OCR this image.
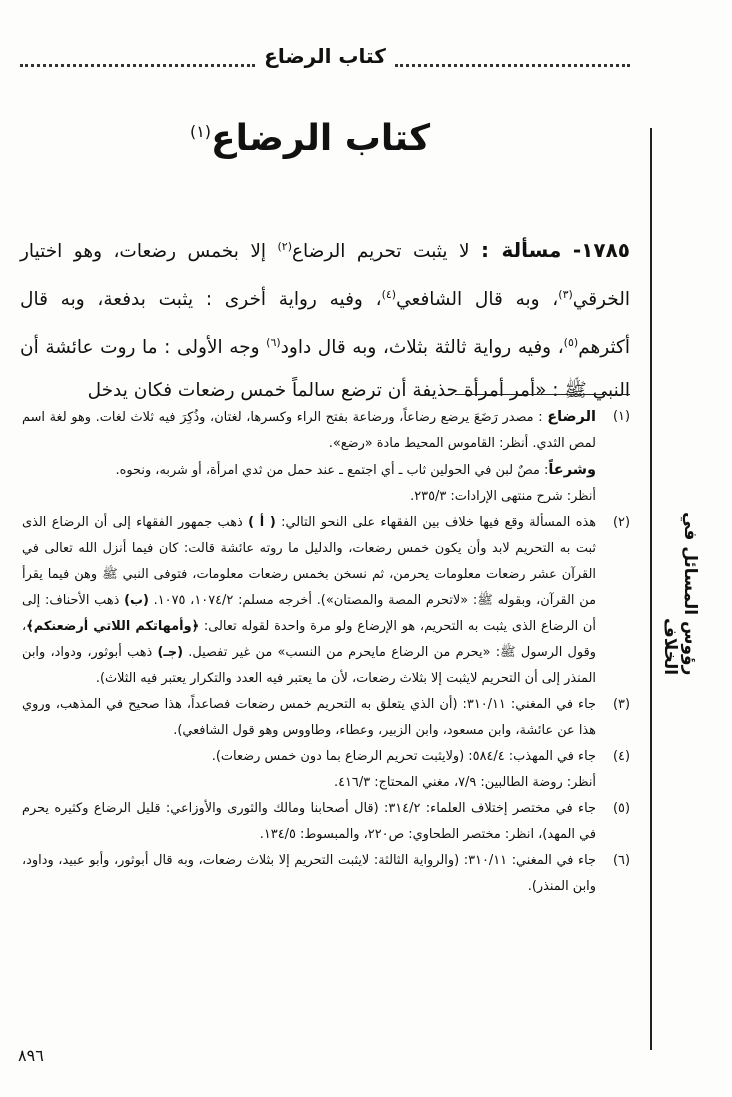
كتاب الرضاع
رؤوس المسائل في الخلاف
كتاب الرضاع$^{(١)}$
١٧٨٥- مسألة : لا يثبت تحريم الرضاع$^{(٢)}$ إلا بخمس رضعات، وهو اختيار الخرقي$^{(٣)}$، وبه قال الشافعي$^{(٤)}$، وفيه رواية أخرى : يثبت بدفعة، وبه قال أكثرهم$^{(٥)}$، وفيه رواية ثالثة بثلاث، وبه قال داود$^{(٦)}$ وجه الأولى : ما روت عائشة أن النبي ﷺ : «أمر أمرأة حذيفة أن ترضع سالماً خمس رضعات فكان يدخل
(١)

الرضاع : مصدر رَضَعَ يرضع رضاعاً، ورضاعة بفتح الراء وكسرها، لغتان، وذُكِرَ فيه ثلاث لغات. وهو لغة اسم لمص الثدي. أنظر: القاموس المحيط مادة «رضع».

وشرعاً: مصٌ لبن في الحولين ثاب ـ أي اجتمع ـ عند حمل من ثدي امرأة، أو شربه، ونحوه.

أنظر: شرح منتهى الإرادات: ٢٣٥/٣.

(٢)

هذه المسألة وقع فيها خلاف بين الفقهاء على النحو التالي: ( أ ) ذهب جمهور الفقهاء إلى أن الرضاع الذى ثبت به التحريم لابد وأن يكون خمس رضعات، والدليل ما روته عائشة قالت: كان فيما أنزل الله تعالى في القرآن عشر رضعات معلومات يحرمن، ثم نسخن بخمس رضعات معلومات، فتوفى النبي ﷺ وهن فيما يقرأ من القرآن، وبقوله ﷺ: «لاتحرم المصة والمصتان»). أخرجه مسلم: ١٠٧٤/٢، ١٠٧٥. (ب) ذهب الأحناف: إلى أن الرضاع الذى يثبت به التحريم، هو الإرضاع ولو مرة واحدة لقوله تعالى: ﴿وأمهاتكم اللاتي أرضعنكم﴾، وقول الرسول ﷺ: «يحرم من الرضاع مايحرم من النسب» من غير تفصيل. (جـ) ذهب أبوثور، ودواد، وابن المنذر إلى أن التحريم لايثبت إلا بثلاث رضعات، لأن ما يعتبر فيه العدد والتكرار يعتبر فيه الثلاث).

(٣)

جاء في المغني: ٣١٠/١١: (أن الذي يتعلق به التحريم خمس رضعات فصاعداً، هذا صحيح في المذهب، وروي هذا عن عائشة، وابن مسعود، وابن الزبير، وعطاء، وطاووس وهو قول الشافعي).

(٤)

جاء في المهذب: ٥٨٤/٤: (ولايثبت تحريم الرضاع بما دون خمس رضعات).

أنظر: روضة الطالبين: ٧/٩، مغني المحتاج: ٤١٦/٣.

(٥)

جاء في مختصر إختلاف العلماء: ٣١٤/٢: (قال أصحابنا ومالك والثورى والأوزاعي: قليل الرضاع وكثيره يحرم في المهد)، انظر: مختصر الطحاوي: ص٢٢٠، والمبسوط: ١٣٤/٥.

(٦)

جاء في المغني: ٣١٠/١١: (والرواية الثالثة: لايثبت التحريم إلا بثلاث رضعات، وبه قال أبوثور، وأبو عبيد، وداود، وابن المنذر).

٨٩٦
